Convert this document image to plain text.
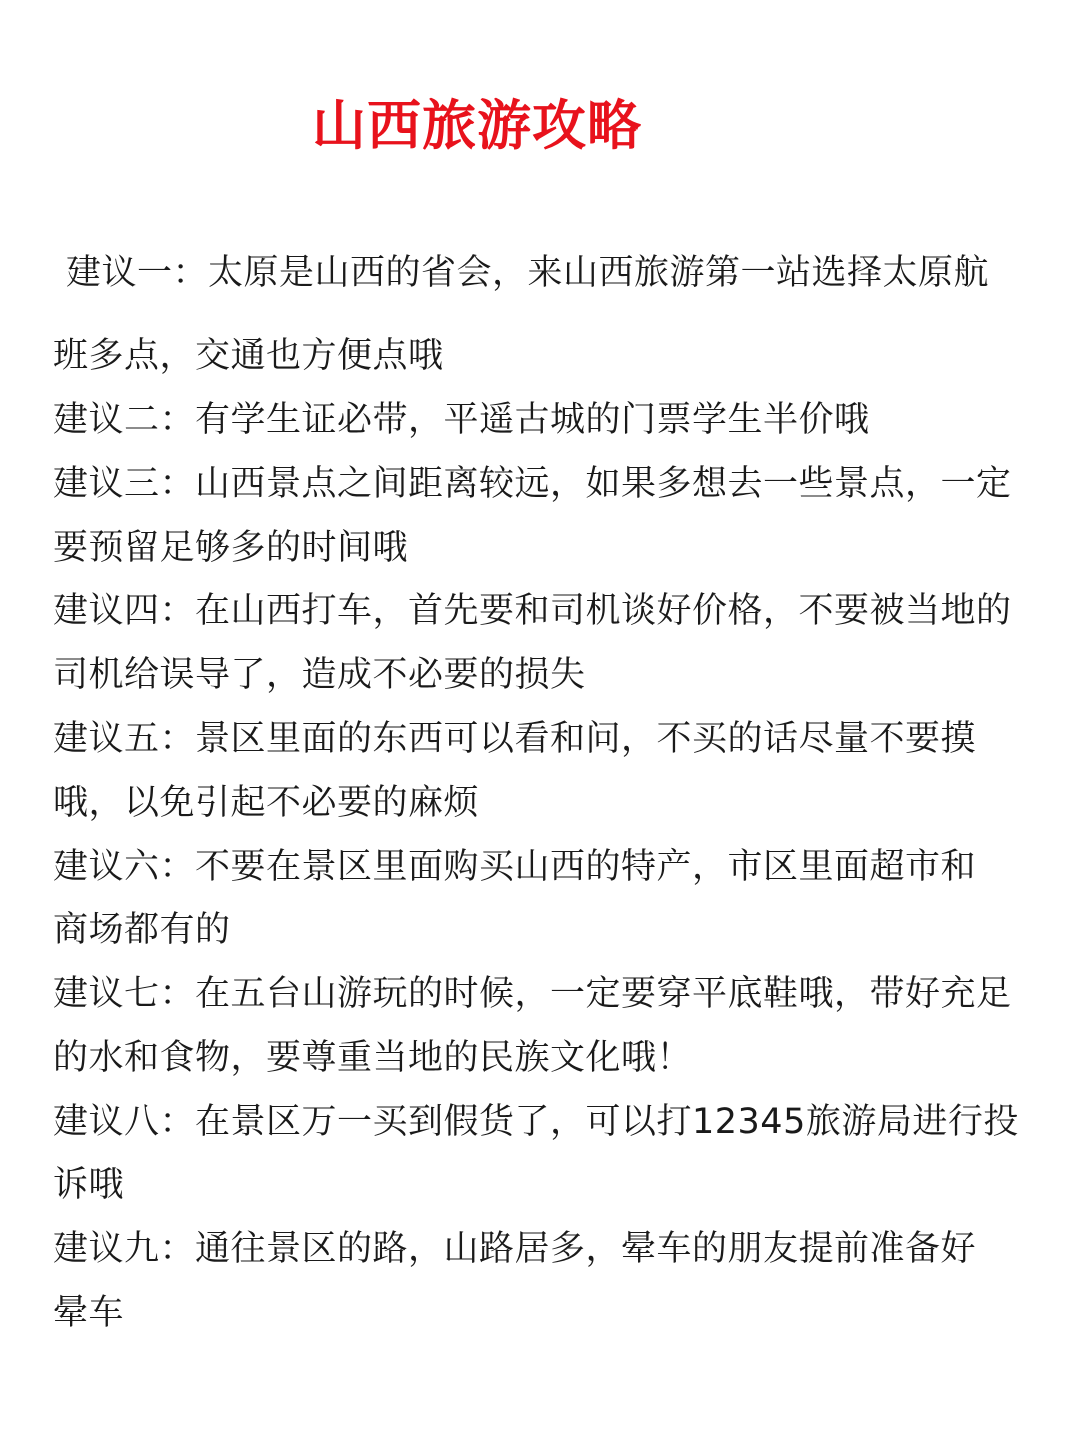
山西旅游攻略

建议一：太原是山西的省会，来山西旅游第一站选择太原航

班多点，交通也方便点哦

建议二：有学生证必带，平遥古城的门票学生半价哦

建议三：山西景点之间距离较远，如果多想去一些景点，一定

要预留足够多的时间哦

建议四：在山西打车，首先要和司机谈好价格，不要被当地的

司机给误导了，造成不必要的损失

建议五：景区里面的东西可以看和问，不买的话尽量不要摸

哦，以免引起不必要的麻烦

建议六：不要在景区里面购买山西的特产，市区里面超市和

商场都有的

建议七：在五台山游玩的时候，一定要穿平底鞋哦，带好充足

的水和食物，要尊重当地的民族文化哦！

建议八：在景区万一买到假货了，可以打12345旅游局进行投

诉哦

建议九：通往景区的路，山路居多，晕车的朋友提前准备好

晕车
